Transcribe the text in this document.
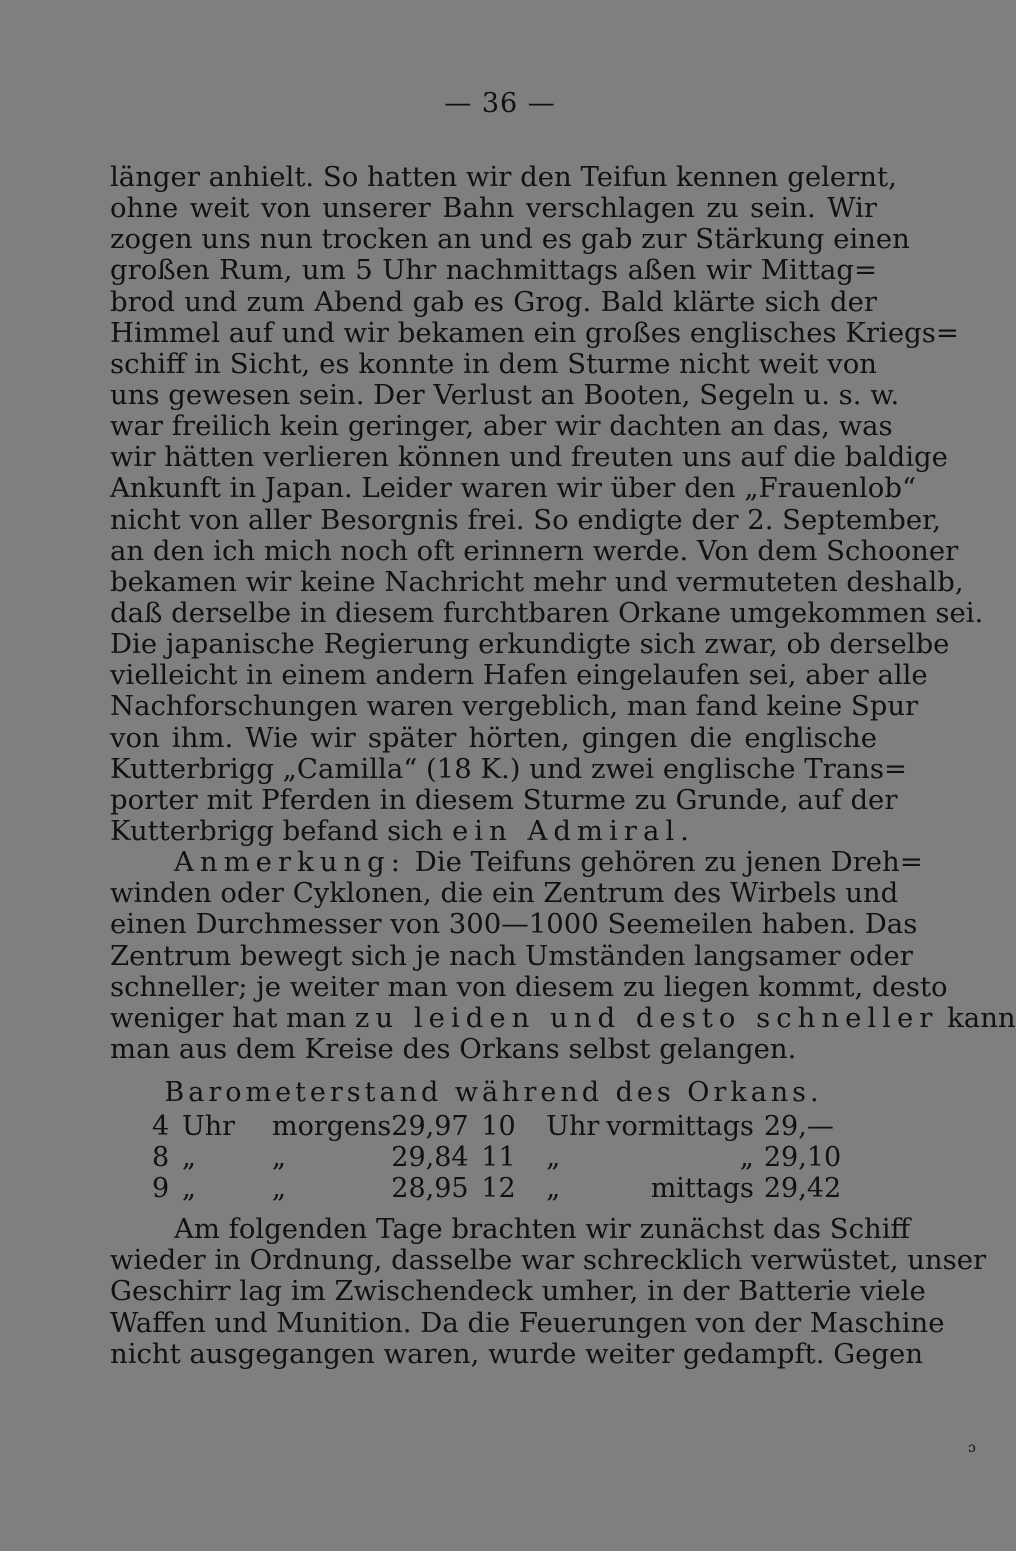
— 36 —
länger anhielt. So hatten wir den Teifun kennen gelernt,
ohne weit von unserer Bahn verschlagen zu sein. Wir
zogen uns nun trocken an und es gab zur Stärkung einen
großen Rum, um 5 Uhr nachmittags aßen wir Mittag=
brod und zum Abend gab es Grog. Bald klärte sich der
Himmel auf und wir bekamen ein großes englisches Kriegs=
schiff in Sicht, es konnte in dem Sturme nicht weit von
uns gewesen sein. Der Verlust an Booten, Segeln u. s. w.
war freilich kein geringer, aber wir dachten an das, was
wir hätten verlieren können und freuten uns auf die baldige
Ankunft in Japan. Leider waren wir über den „Frauenlob“
nicht von aller Besorgnis frei. So endigte der 2. September,
an den ich mich noch oft erinnern werde. Von dem Schooner
bekamen wir keine Nachricht mehr und vermuteten deshalb,
daß derselbe in diesem furchtbaren Orkane umgekommen sei.
Die japanische Regierung erkundigte sich zwar, ob derselbe
vielleicht in einem andern Hafen eingelaufen sei, aber alle
Nachforschungen waren vergeblich, man fand keine Spur
von ihm. Wie wir später hörten, gingen die englische
Kutterbrigg „Camilla“ (18 K.) und zwei englische Trans=
porter mit Pferden in diesem Sturme zu Grunde, auf der
Kutterbrigg befand sich ein Admiral.
Anmerkung: Die Teifuns gehören zu jenen Dreh=
winden oder Cyklonen, die ein Zentrum des Wirbels und
einen Durchmesser von 300—1000 Seemeilen haben. Das
Zentrum bewegt sich je nach Umständen langsamer oder
schneller; je weiter man von diesem zu liegen kommt, desto
weniger hat man zu leiden und desto schneller kann
man aus dem Kreise des Orkans selbst gelangen.
Barometerstand während des Orkans.
4	Uhr	morgens	29,97	10	Uhr	vormittags	29,—
8	„	„	29,84	11	„	„	29,10
9	„	„	28,95	12	„	mittags	29,42
Am folgenden Tage brachten wir zunächst das Schiff
wieder in Ordnung, dasselbe war schrecklich verwüstet, unser
Geschirr lag im Zwischendeck umher, in der Batterie viele
Waffen und Munition. Da die Feuerungen von der Maschine
nicht ausgegangen waren, wurde weiter gedampft. Gegen
ɔ
